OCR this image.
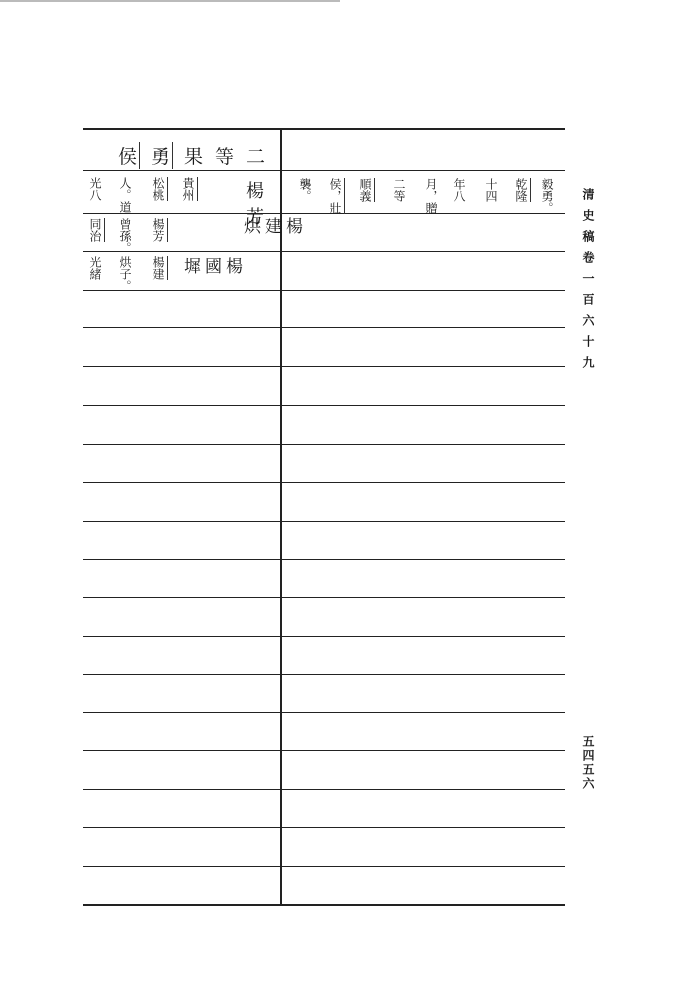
二
等
果
勇
侯
楊芳
貴州
松桃
人。道
光八	毅勇。
乾隆
十四
年八
月，贈
二等
順義
侯，壯
襲。
楊建烘
楊芳
曾孫。
同治
楊國墀
楊建
烘子。
光緒	清史稿卷一百六十九
五四五六
